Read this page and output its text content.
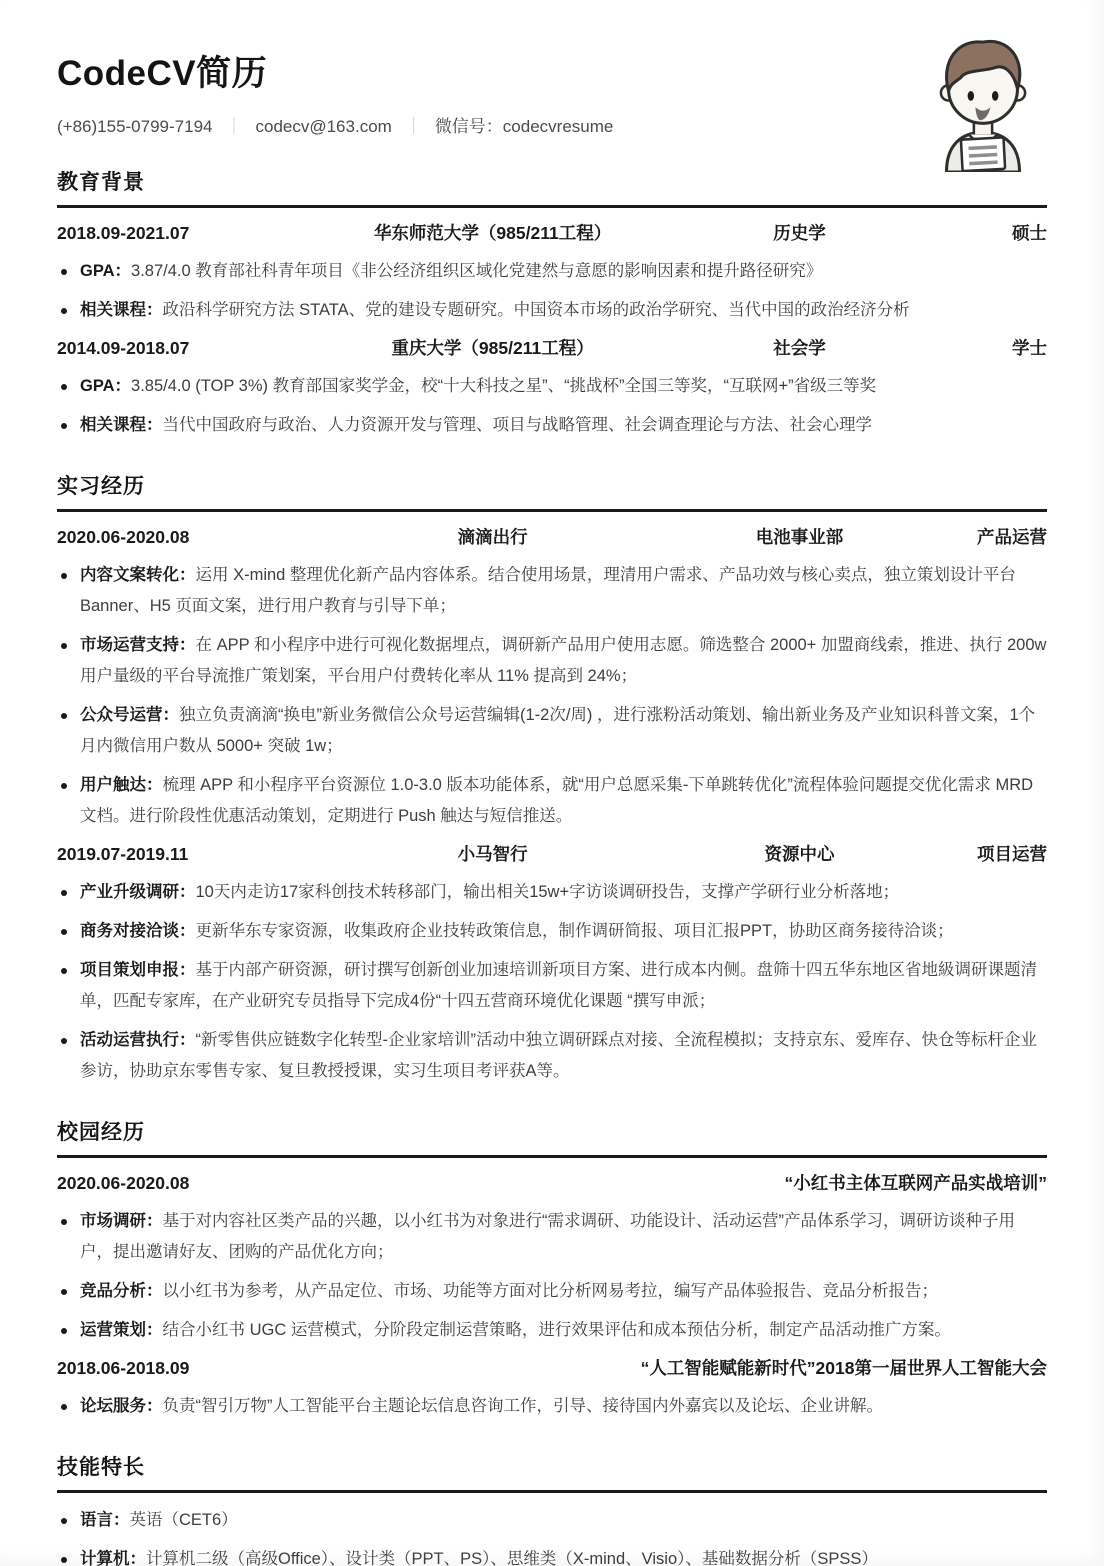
CodeCV简历
(+86)155-0799-7194 ｜ codecv@163.com ｜ 微信号：codecvresume
教育背景
2018.09-2021.07	华东师范大学（985/211工程）	历史学	硕士
GPA：3.87/4.0 教育部社科青年项目《非公经济组织区域化党建然与意愿的影响因素和提升路径研究》
相关课程：政沿科学研究方法 STATA、党的建设专题研究。中国资本市场的政治学研究、当代中国的政治经济分析
2014.09-2018.07	重庆大学（985/211工程）	社会学	学士
GPA：3.85/4.0 (TOP 3%) 教育部国家奖学金，校“十大科技之星”、“挑战杯”全国三等奖，“互联网+”省级三等奖
相关课程：当代中国政府与政治、人力资源开发与管理、项目与战略管理、社会调查理论与方法、社会心理学
实习经历
2020.06-2020.08	滴滴出行	电池事业部	产品运营
内容文案转化：运用 X-mind 整理优化新产品内容体系。结合使用场景，理清用户需求、产品功效与核心卖点，独立策划设计平台 Banner、H5 页面文案，进行用户教育与引导下单；
市场运营支持：在 APP 和小程序中进行可视化数据埋点，调研新产品用户使用志愿。筛选整合 2000+ 加盟商线索，推进、执行 200w 用户量级的平台导流推广策划案，平台用户付费转化率从 11% 提高到 24%；
公众号运营：独立负责滴滴“换电”新业务微信公众号运营编辑(1-2次/周) ，进行涨粉活动策划、输出新业务及产业知识科普文案，1个月内微信用户数从 5000+ 突破 1w；
用户触达：梳理 APP 和小程序平台资源位 1.0-3.0 版本功能体系，就“用户总愿采集-下单跳转优化”流程体验问题提交优化需求 MRD 文档。进行阶段性优惠活动策划，定期进行 Push 触达与短信推送。
2019.07-2019.11	小马智行	资源中心	项目运营
产业升级调研：10天内走访17家科创技术转移部门，输出相关15w+字访谈调研投告，支撑产学研行业分析落地；
商务对接洽谈：更新华东专家资源，收集政府企业技转政策信息，制作调研简报、项目汇报PPT，协助区商务接待洽谈；
项目策划申报：基于内部产研资源，研讨撰写创新创业加速培训新项目方案、进行成本内侧。盘筛十四五华东地区省地級调研课题清单，匹配专家库，在产业研究专员指导下完成4份“十四五营商环境优化课题 “撰写申派；
活动运营执行：“新零售供应链数字化转型-企业家培训”活动中独立调研踩点对接、全流程模拟；支持京东、爱库存、快仓等标杆企业参访，协助京东零售专家、复旦教授授课，实习生项目考评获A等。
校园经历
2020.06-2020.08	“小红书主体互联网产品实战培训”
市场调研：基于对内容社区类产品的兴趣，以小红书为对象进行“需求调研、功能设计、活动运营”产品体系学习，调研访谈种子用户，提出邀请好友、团购的产品优化方向；
竞品分析：以小红书为参考，从产品定位、市场、功能等方面对比分析网易考拉，编写产品体验报告、竞品分析报告；
运营策划：结合小红书 UGC 运营模式，分阶段定制运营策略，进行效果评估和成本预估分析，制定产品活动推广方案。
2018.06-2018.09	“人工智能赋能新时代”2018第一届世界人工智能大会
论坛服务：负责“智引万物”人工智能平台主题论坛信息咨询工作，引导、接待国内外嘉宾以及论坛、企业讲解。
技能特长
语言：英语（CET6）
计算机：计算机二级（高级Office）、设计类（PPT、PS）、思维类（X-mind、Visio）、基础数据分析（SPSS）
